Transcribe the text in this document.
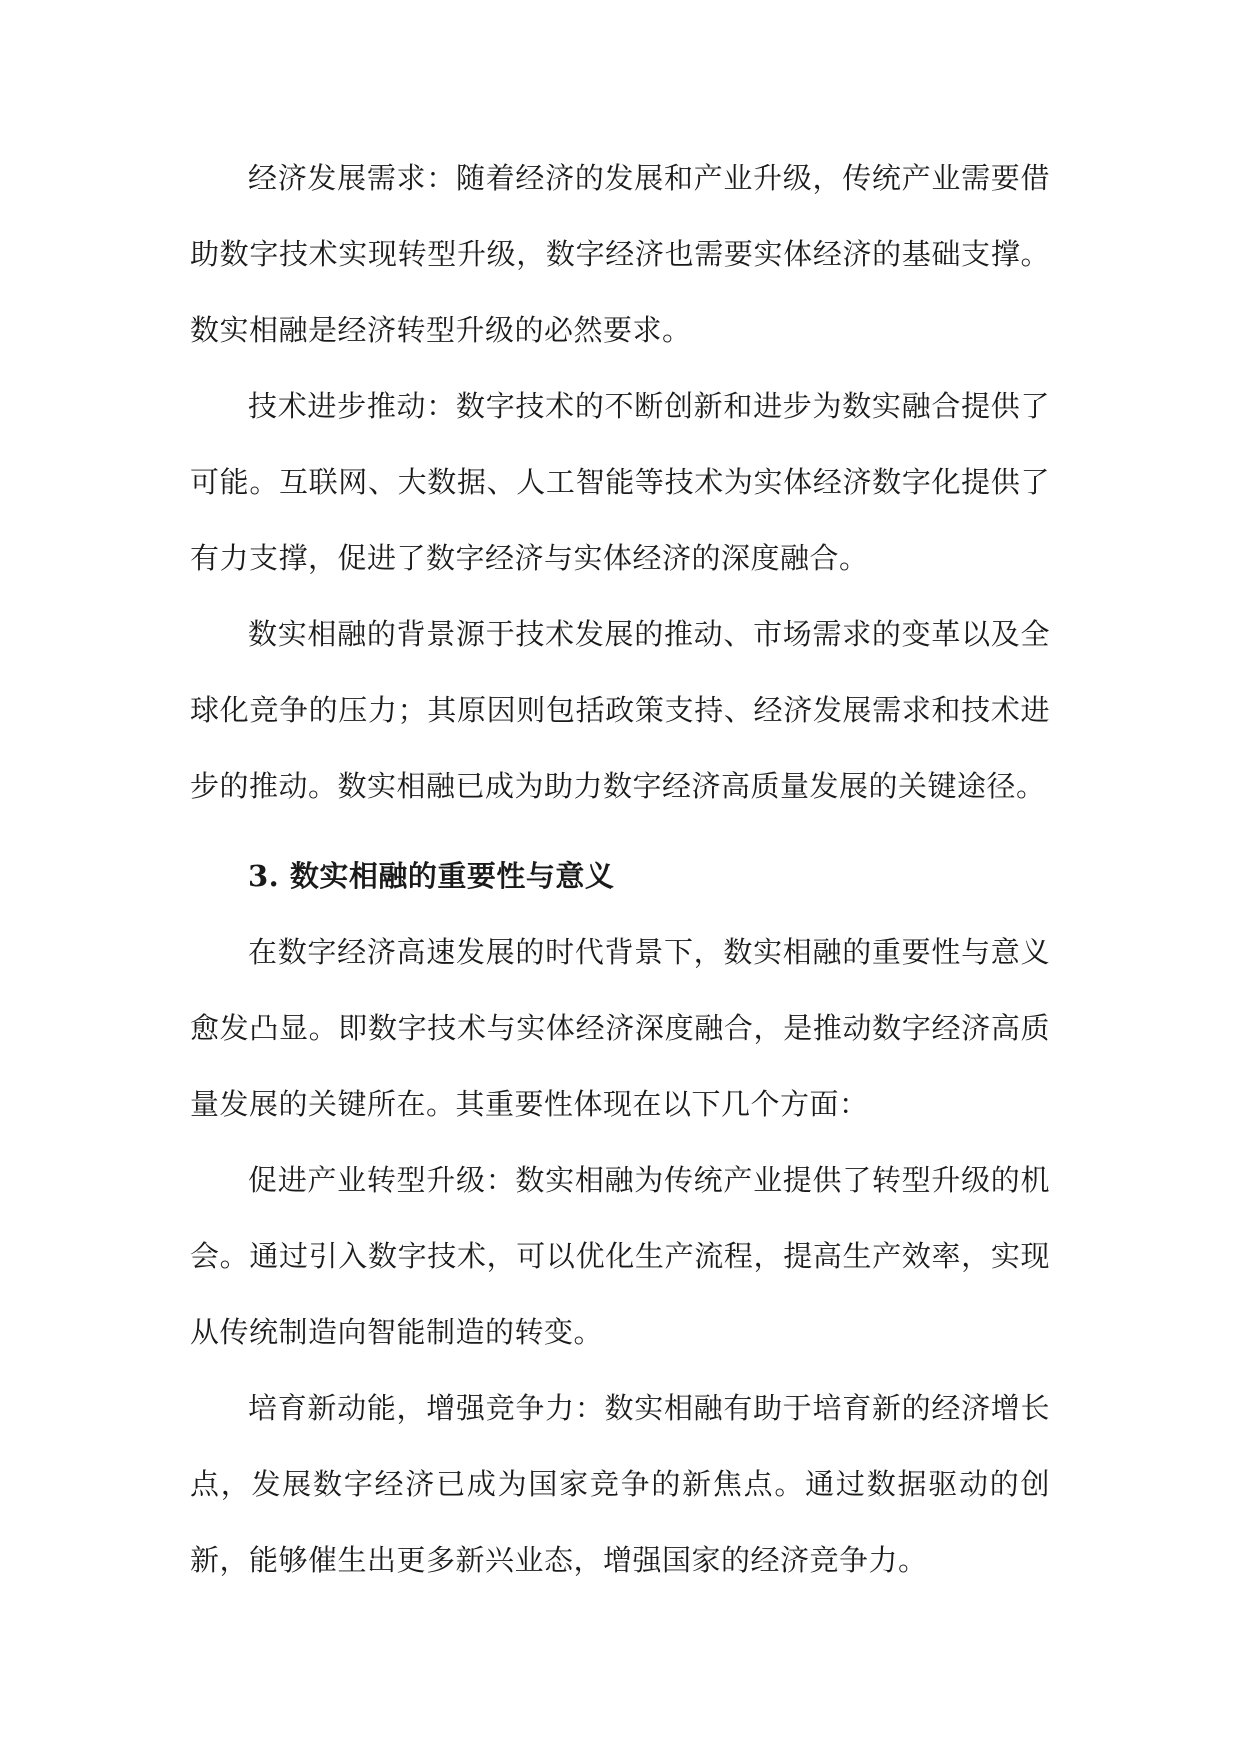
经济发展需求：随着经济的发展和产业升级，传统产业需要借助数字技术实现转型升级，数字经济也需要实体经济的基础支撑。数实相融是经济转型升级的必然要求。

技术进步推动：数字技术的不断创新和进步为数实融合提供了可能。互联网、大数据、人工智能等技术为实体经济数字化提供了有力支撑，促进了数字经济与实体经济的深度融合。

数实相融的背景源于技术发展的推动、市场需求的变革以及全球化竞争的压力；其原因则包括政策支持、经济发展需求和技术进步的推动。数实相融已成为助力数字经济高质量发展的关键途径。

3. 数实相融的重要性与意义

在数字经济高速发展的时代背景下，数实相融的重要性与意义愈发凸显。即数字技术与实体经济深度融合，是推动数字经济高质量发展的关键所在。其重要性体现在以下几个方面：

促进产业转型升级：数实相融为传统产业提供了转型升级的机会。通过引入数字技术，可以优化生产流程，提高生产效率，实现从传统制造向智能制造的转变。

培育新动能，增强竞争力：数实相融有助于培育新的经济增长点，发展数字经济已成为国家竞争的新焦点。通过数据驱动的创新，能够催生出更多新兴业态，增强国家的经济竞争力。
